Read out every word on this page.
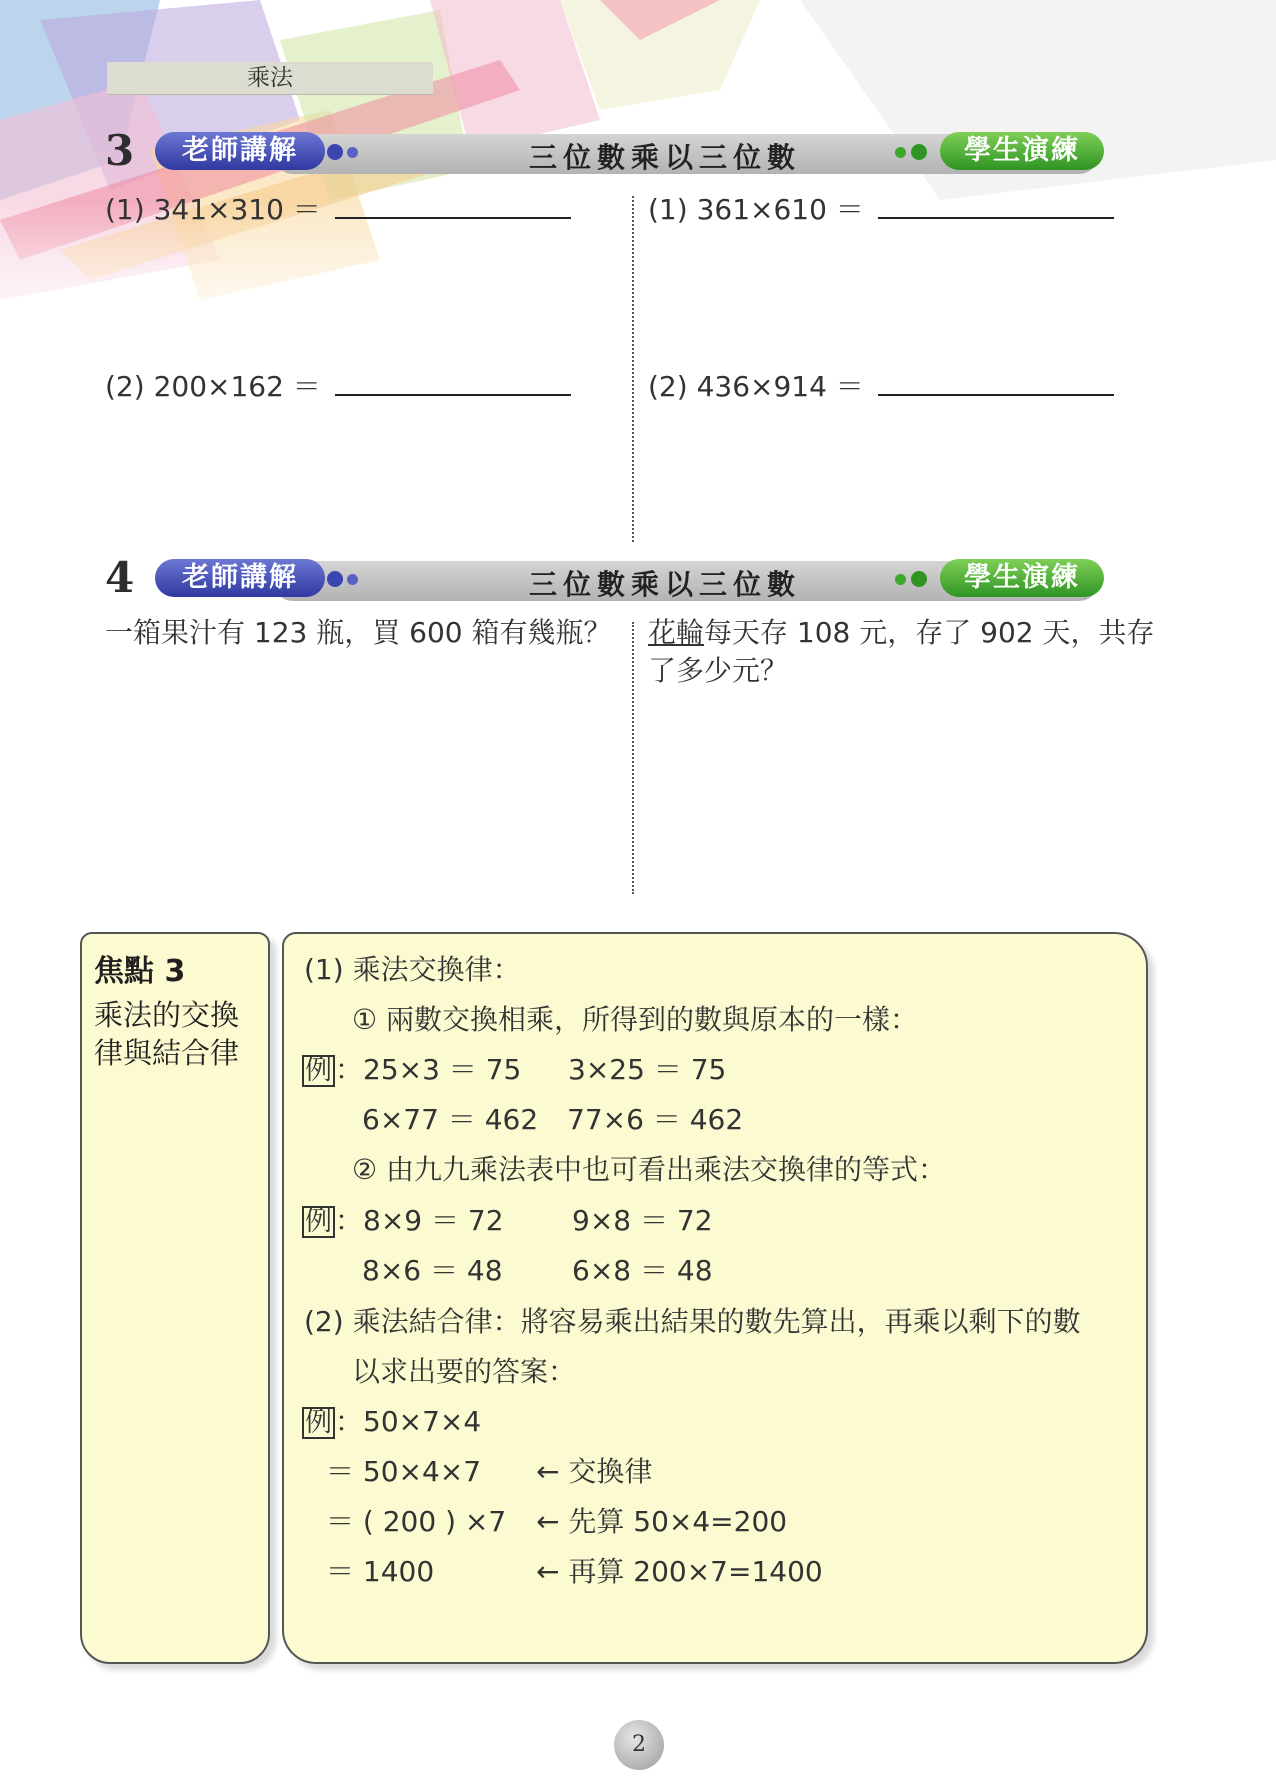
乘法
3	老師講解	三位數乘以三位數	學生演練
(1) 341×310 ＝
(2) 200×162 ＝
(1) 361×610 ＝
(2) 436×914 ＝
4	老師講解	三位數乘以三位數	學生演練
一箱果汁有 123 瓶，買 600 箱有幾瓶？ 花輪每天存 108 元，存了 902 天，共存
了多少元？
焦點 3
乘法的交換
律與結合律
(1) 乘法交換律：
① 兩數交換相乘，所得到的數與原本的一樣：
例 ：25×3 ＝ 75 3×25 ＝ 75
6×77 ＝ 462 77×6 ＝ 462
② 由九九乘法表中也可看出乘法交換律的等式：
例 ：8×9 ＝ 72 9×8 ＝ 72
8×6 ＝ 48 6×8 ＝ 48
(2) 乘法結合律：將容易乘出結果的數先算出，再乘以剩下的數
以求出要的答案：
例 ：50×7×4
＝ 50×4×7 ← 交換律
＝ ( 200 ) ×7 ← 先算 50×4=200
＝ 1400	← 再算 200×7=1400
2
